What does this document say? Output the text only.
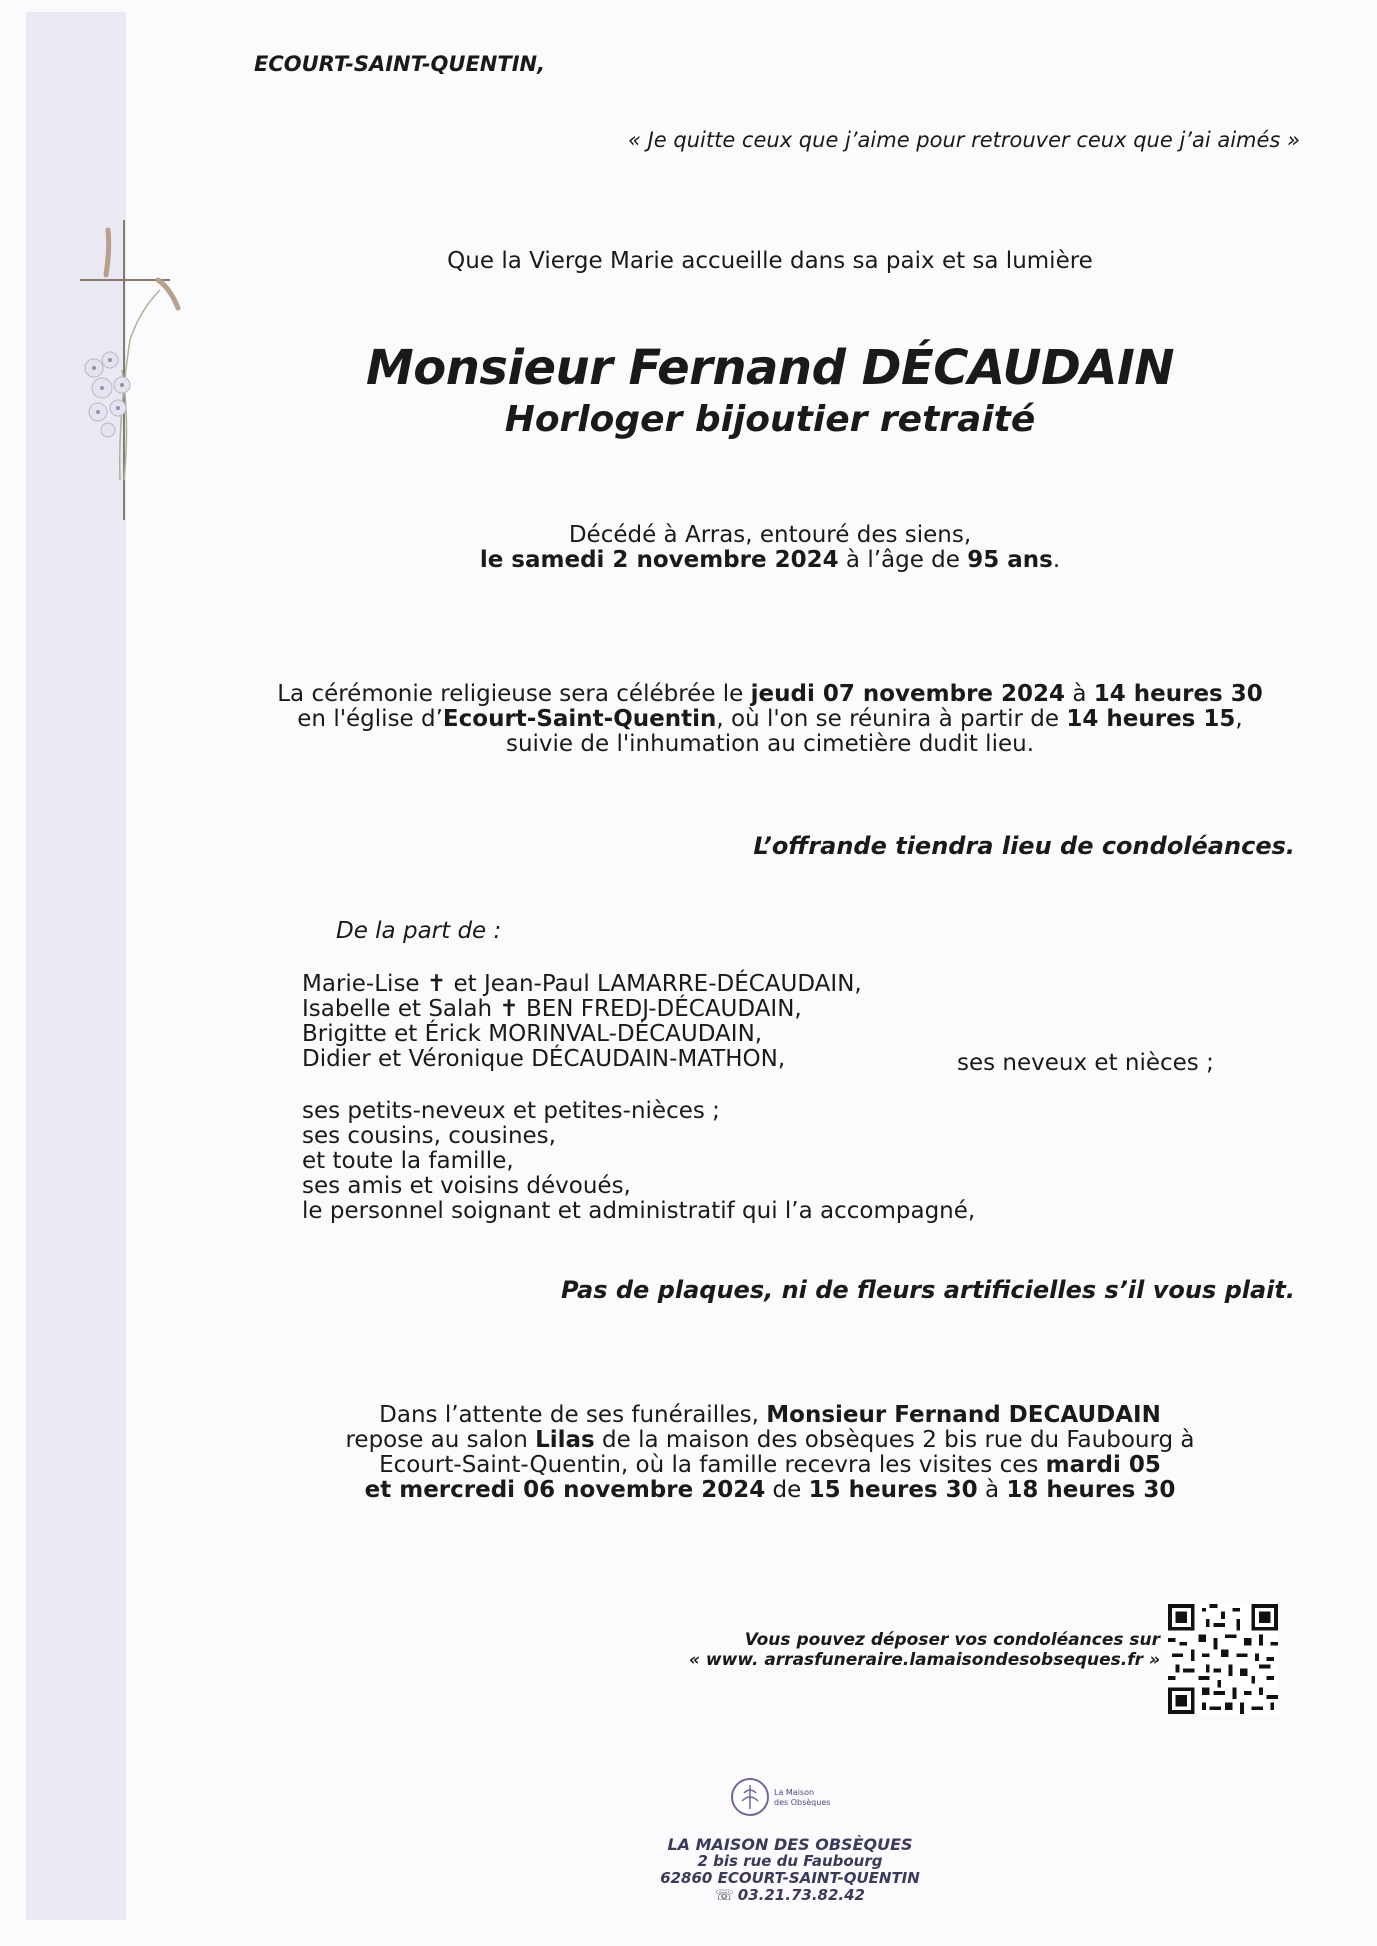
ECOURT-SAINT-QUENTIN,
« Je quitte ceux que j’aime pour retrouver ceux que j’ai aimés »
Que la Vierge Marie accueille dans sa paix et sa lumière
Monsieur Fernand DÉCAUDAIN
Horloger bijoutier retraité
Décédé à Arras, entouré des siens,
le samedi 2 novembre 2024 à l’âge de 95 ans.
La cérémonie religieuse sera célébrée le jeudi 07 novembre 2024 à 14 heures 30
en l'église d’Ecourt-Saint-Quentin, où l'on se réunira à partir de 14 heures 15,
suivie de l'inhumation au cimetière dudit lieu.
L’offrande tiendra lieu de condoléances.
De la part de :
Marie-Lise ✝ et Jean-Paul LAMARRE-DÉCAUDAIN,
Isabelle et Salah ✝ BEN FREDJ-DÉCAUDAIN,
Brigitte et Érick MORINVAL-DÉCAUDAIN,
Didier et Véronique DÉCAUDAIN-MATHON,	ses neveux et nièces ;
ses petits-neveux et petites-nièces ;
ses cousins, cousines,
et toute la famille,
ses amis et voisins dévoués,
le personnel soignant et administratif qui l’a accompagné,
Pas de plaques, ni de fleurs artificielles s’il vous plait.
Dans l’attente de ses funérailles, Monsieur Fernand DECAUDAIN
repose au salon Lilas de la maison des obsèques 2 bis rue du Faubourg à
Ecourt-Saint-Quentin, où la famille recevra les visites ces mardi 05
et mercredi 06 novembre 2024 de 15 heures 30 à 18 heures 30
Vous pouvez déposer vos condoléances sur
« www. arrasfuneraire.lamaisondesobseques.fr »
La Maison
des Obsèques
LA MAISON DES OBSÈQUES
2 bis rue du Faubourg
62860 ECOURT-SAINT-QUENTIN
☏ 03.21.73.82.42
